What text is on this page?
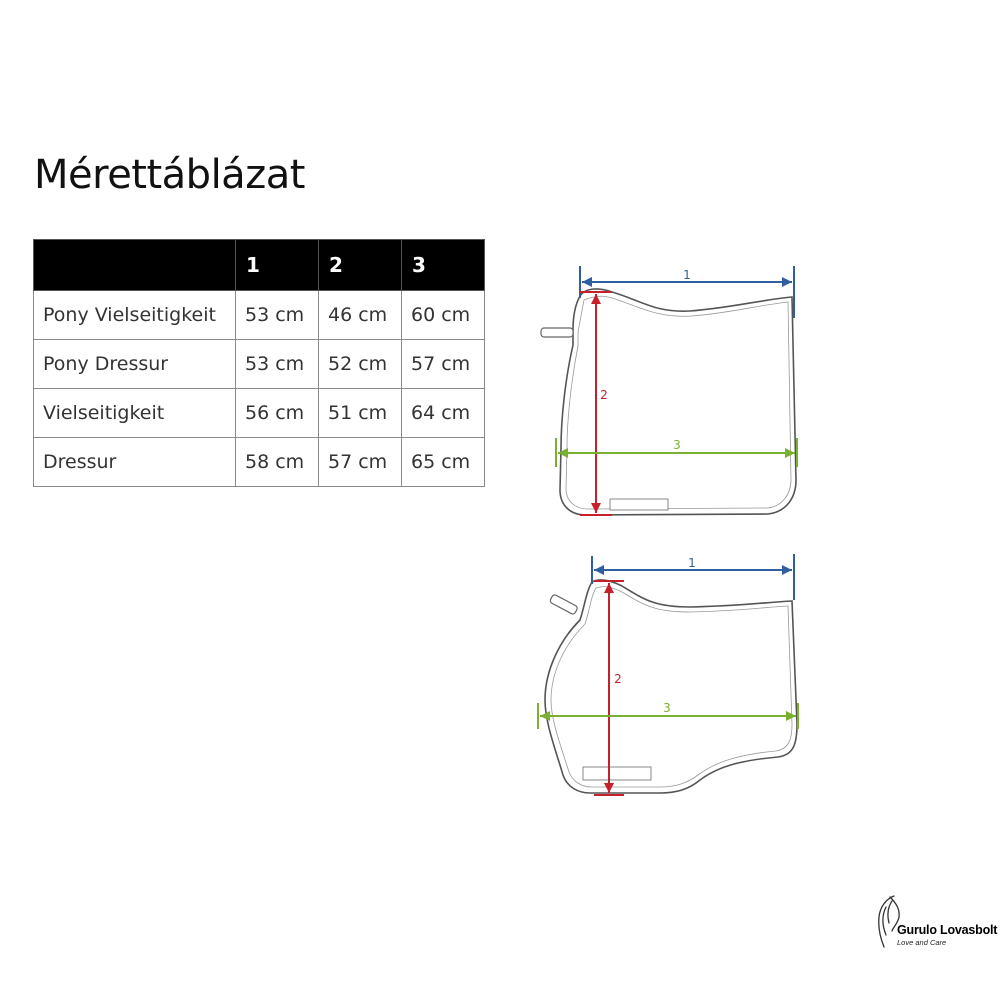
Mérettáblázat
	1	2	3
Pony Vielseitigkeit	53 cm	46 cm	60 cm
Pony Dressur	53 cm	52 cm	57 cm
Vielseitigkeit	56 cm	51 cm	64 cm
Dressur	58 cm	57 cm	65 cm
1
2
3
1
2
3
Gurulo Lovasbolt
Love and Care
